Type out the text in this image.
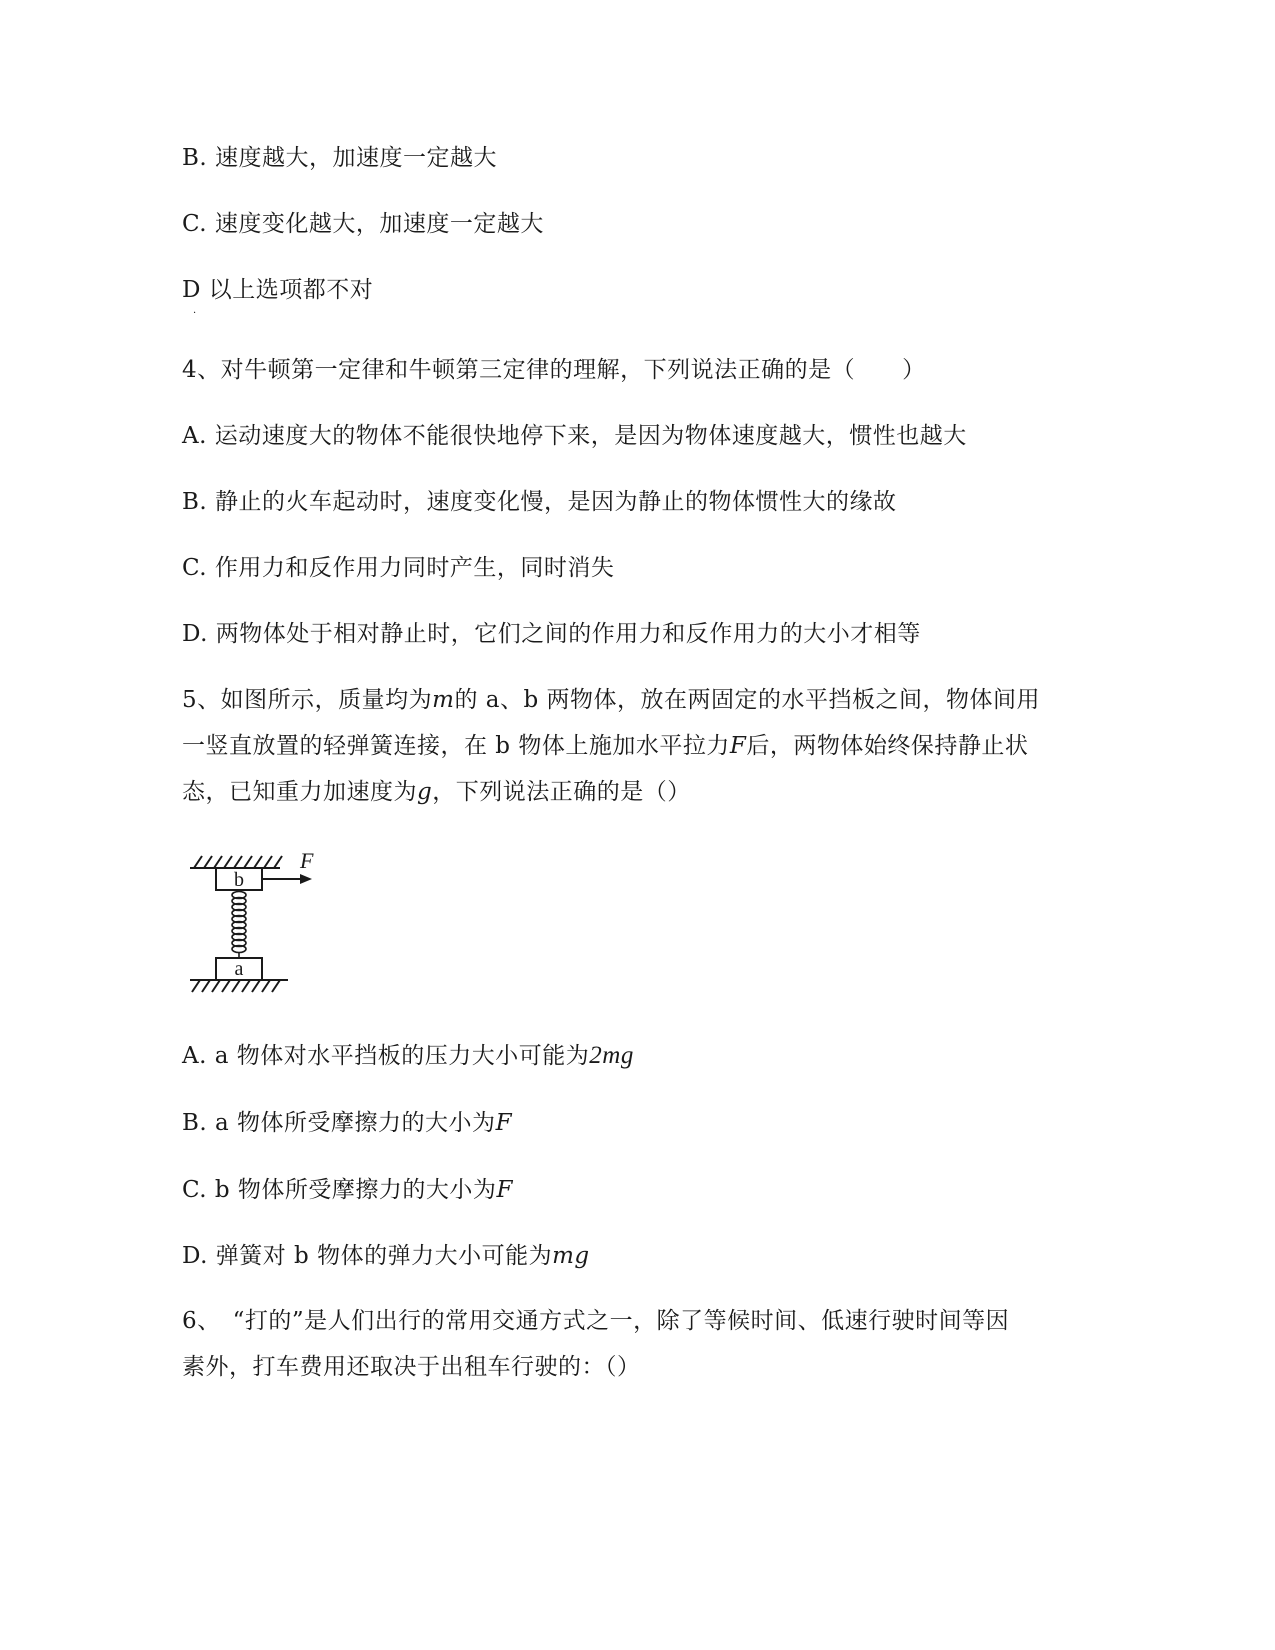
B. 速度越大，加速度一定越大
C. 速度变化越大，加速度一定越大
D 以上选项都不对
·
4、对牛顿第一定律和牛顿第三定律的理解，下列说法正确的是（　　）
A. 运动速度大的物体不能很快地停下来，是因为物体速度越大，惯性也越大
B. 静止的火车起动时，速度变化慢，是因为静止的物体惯性大的缘故
C. 作用力和反作用力同时产生，同时消失
D. 两物体处于相对静止时，它们之间的作用力和反作用力的大小才相等
5、如图所示，质量均为m的 a、b 两物体，放在两固定的水平挡板之间，物体间用
一竖直放置的轻弹簧连接，在 b 物体上施加水平拉力F后，两物体始终保持静止状
态，已知重力加速度为g，下列说法正确的是（）
b
F
a
A. a 物体对水平挡板的压力大小可能为2mg
B. a 物体所受摩擦力的大小为F
C. b 物体所受摩擦力的大小为F
D. 弹簧对 b 物体的弹力大小可能为mg
6、　“打的”是人们出行的常用交通方式之一，除了等候时间、低速行驶时间等因
素外，打车费用还取决于出租车行驶的：（）
